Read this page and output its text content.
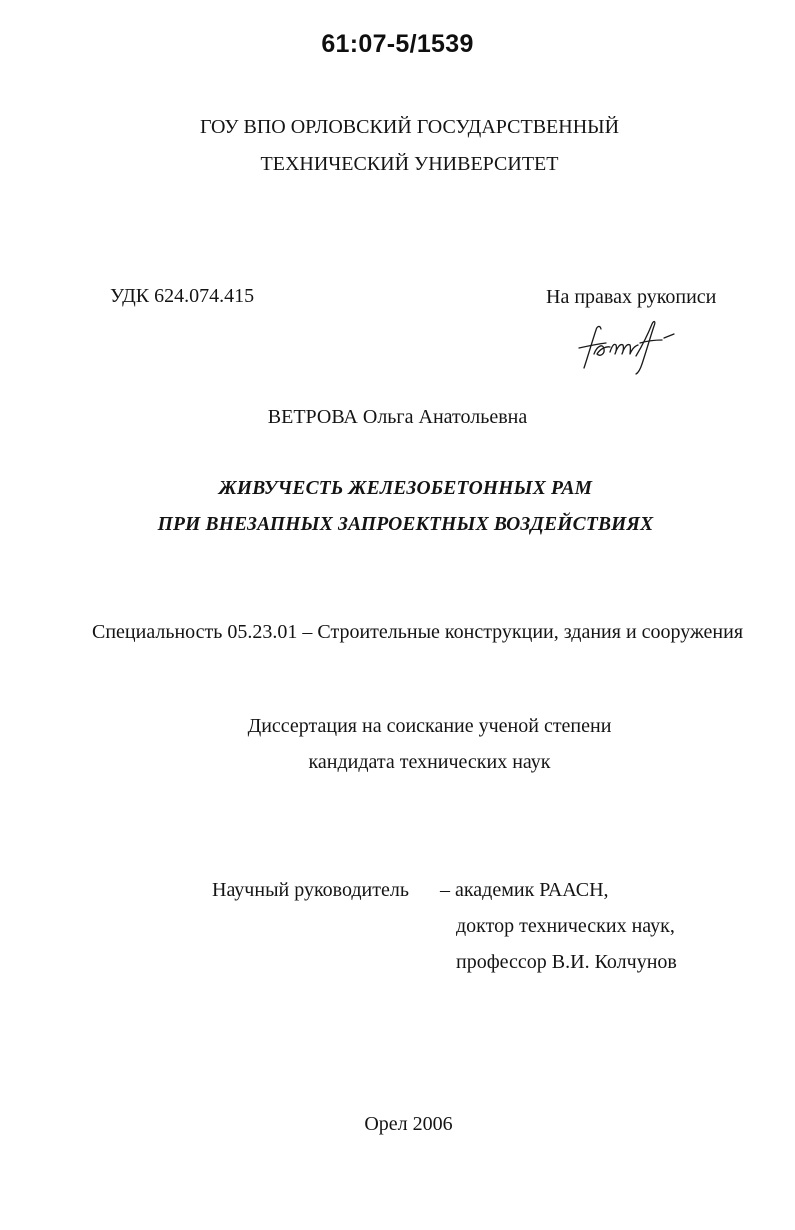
61:07-5/1539
ГОУ ВПО ОРЛОВСКИЙ ГОСУДАРСТВЕННЫЙ
ТЕХНИЧЕСКИЙ УНИВЕРСИТЕТ
УДК 624.074.415	На правах рукописи
ВЕТРОВА Ольга Анатольевна
ЖИВУЧЕСТЬ ЖЕЛЕЗОБЕТОННЫХ РАМ
ПРИ ВНЕЗАПНЫХ ЗАПРОЕКТНЫХ ВОЗДЕЙСТВИЯХ
Специальность 05.23.01 – Строительные конструкции, здания и сооружения
Диссертация на соискание ученой степени
кандидата технических наук
Научный руководитель – академик РААСН,
доктор технических наук,
профессор В.И. Колчунов
Орел 2006
